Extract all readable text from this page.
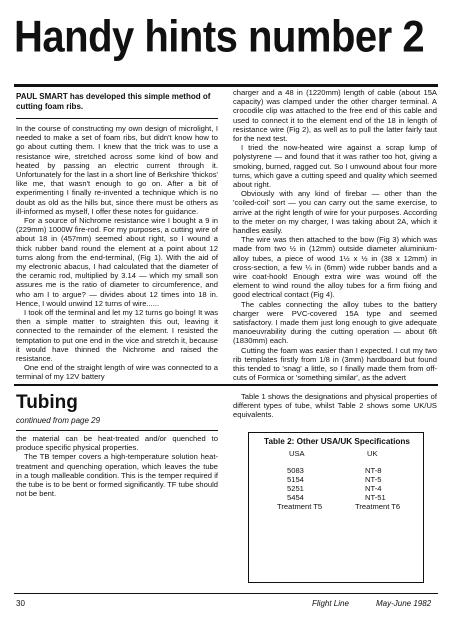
Handy hints number 2
PAUL SMART has developed this simple method of cutting foam ribs.

In the course of constructing my own design of microlight, I needed to make a set of foam ribs, but didn't know how to go about cutting them. I knew that the trick was to use a resistance wire, stretched across some kind of bow and heated by passing an electric current through it. Unfortunately for the last in a short line of Berkshire 'thickos' like me, that wasn't enough to go on. After a bit of experimenting I finally re-invented a technique which is no doubt as old as the hills but, since there must be others as ill-informed as myself, I offer these notes for guidance.

For a source of Nichrome resistance wire I bought a 9 in (229mm) 1000W fire-rod. For my purposes, a cutting wire of about 18 in (457mm) seemed about right, so I wound a thick rubber band round the element at a point about 12 turns along from the end-terminal, (Fig 1). With the aid of my electronic abacus, I had calculated that the diameter of the ceramic rod, multiplied by 3.14 — which my small son assures me is the ratio of diameter to circumference, and who am I to argue? — divides about 12 times into 18 in. Hence, I would unwind 12 turns of wire......

I took off the terminal and let my 12 turns go boing! It was then a simple matter to straighten this out, leaving it connected to the remainder of the element. I resisted the temptation to put one end in the vice and stretch it, because it would have thinned the Nichrome and raised the resistance.

One end of the straight length of wire was connected to a terminal of my 12V battery

charger and a 48 in (1220mm) length of cable (about 15A capacity) was clamped under the other charger terminal. A crocodile clip was attached to the free end of this cable and used to connect it to the element end of the 18 in length of resistance wire (Fig 2), as well as to pull the latter fairly taut for the next test.

I tried the now-heated wire against a scrap lump of polystyrene — and found that it was rather too hot, giving a smoking, burned, ragged cut. So I unwound about four more turns, which gave a cutting speed and quality which seemed about right.

Obviously with any kind of firebar — other than the 'coiled-coil' sort — you can carry out the same exercise, to arrive at the right length of wire for your purposes. According to the meter on my charger, I was taking about 2A, which it handles easily.

The wire was then attached to the bow (Fig 3) which was made from two ½ in (12mm) outside diameter aluminium-alloy tubes, a piece of wood 1½ x ½ in (38 x 12mm) in cross-section, a few ¼ in (6mm) wide rubber bands and a wire coat-hook! Enough extra wire was wound off the element to wind round the alloy tubes for a firm fixing and good electrical contact (Fig 4).

The cables connecting the alloy tubes to the battery charger were PVC-covered 15A type and seemed satisfactory. I made them just long enough to give adequate manoeuvrability during the cutting operation — about 6ft (1830mm) each.

Cutting the foam was easier than I expected. I cut my two rib templates firstly from 1/8 in (3mm) hardboard but found this tended to 'snag' a little, so I finally made them from off-cuts of Formica or 'something similar', as the advert

Tubing
continued from page 29

the material can be heat-treated and/or quenched to produce specific physical properties.

The TB temper covers a high-temperature solution heat-treatment and quenching operation, which leaves the tube in a tough malleable condition. This is the temper required if the tube is to be bent or formed significantly. TF tube should not be bent.

Table 1 shows the designations and physical properties of different types of tube, whilst Table 2 shows some UK/US equivalents.

Table 2: Other USA/UK Specifications
USA	UK
5083	NT-8
5154	NT-5
5251	NT-4
5454	NT-51
Treatment T5	Treatment T6
30	Flight Line	May-June 1982
